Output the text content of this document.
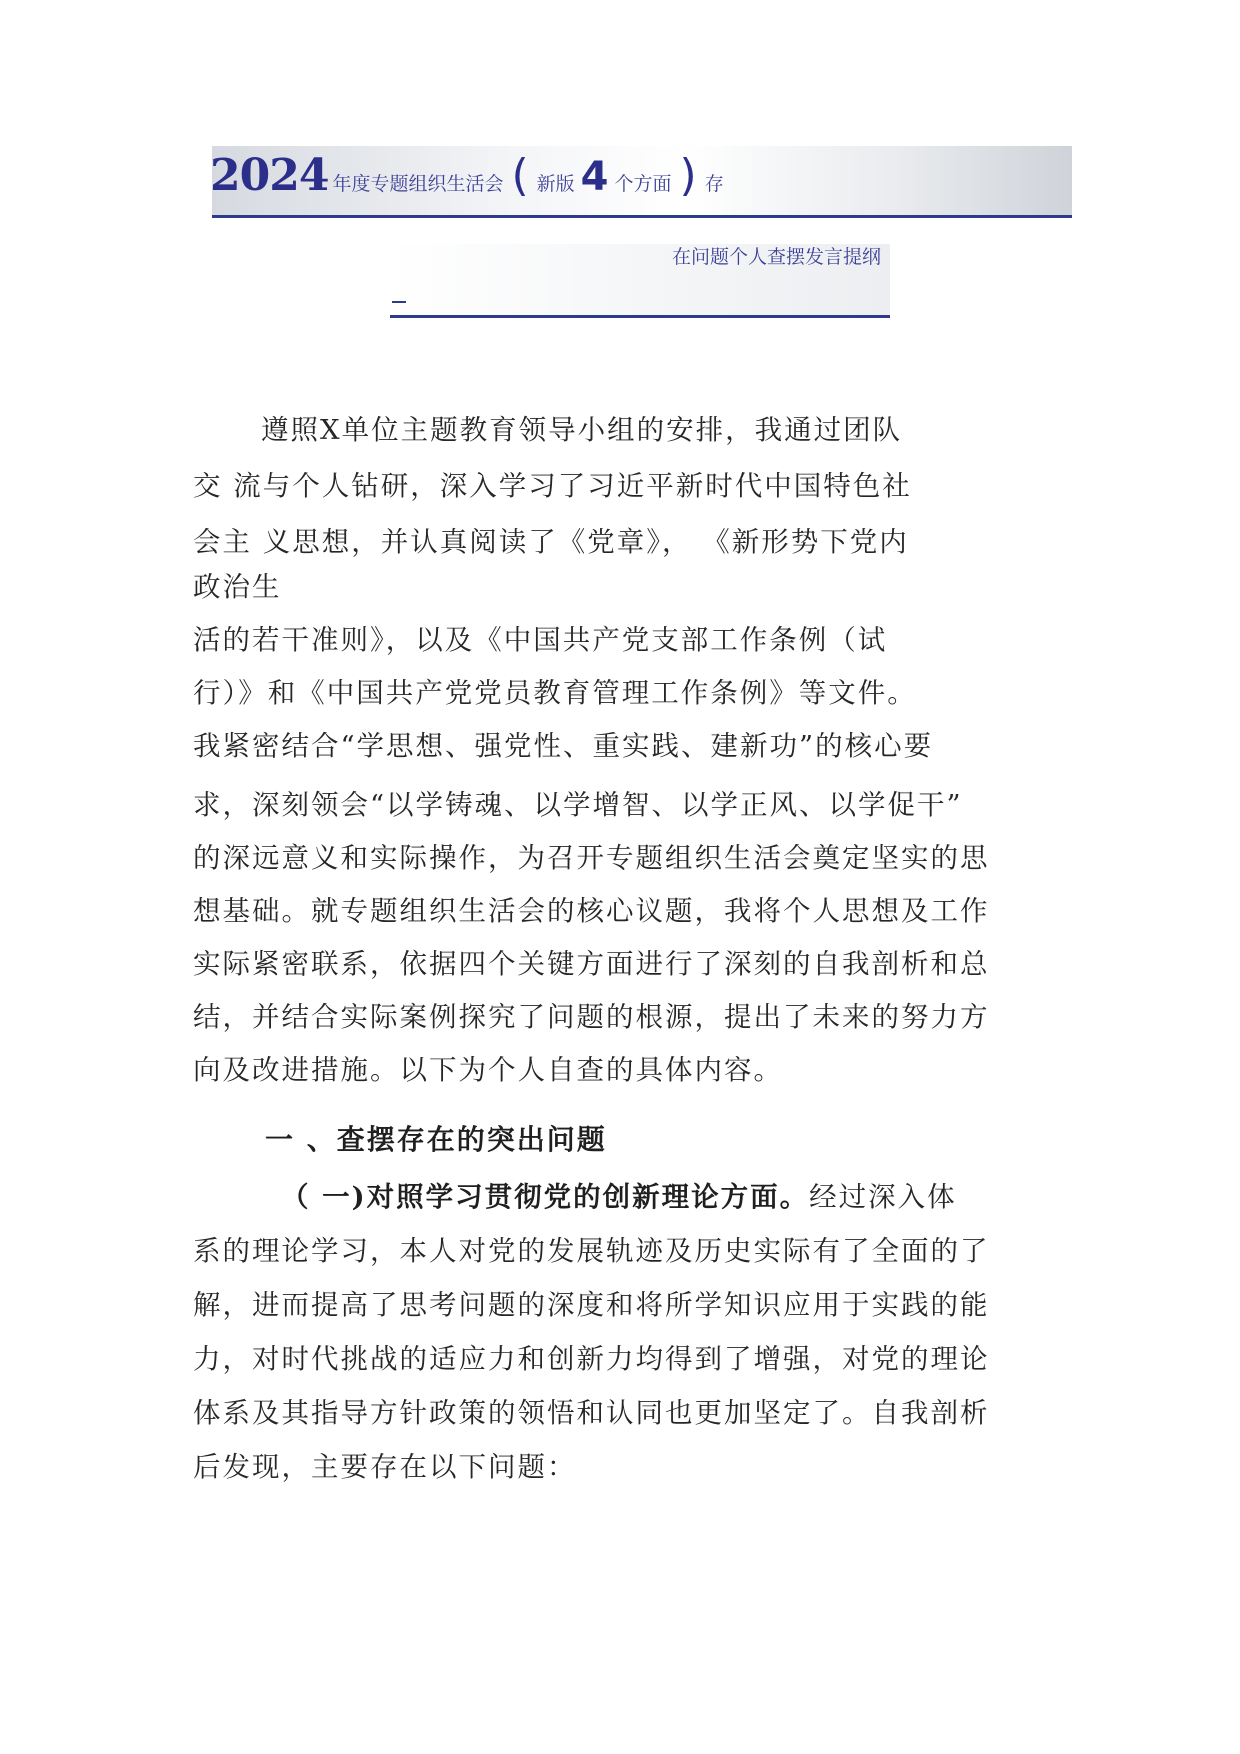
2024 年度专题组织生活会 ( 新版 4 个方面 ) 存
在问题个人查摆发言提纲
遵照X单位主题教育领导小组的安排，我通过团队
交 流与个人钻研，深入学习了习近平新时代中国特色社
会主 义思想，并认真阅读了《党章》， 《新形势下党内
政治生
活的若干准则》，以及《中国共产党支部工作条例（试
行）》和《中国共产党党员教育管理工作条例》等文件。
我紧密结合“学思想、强党性、重实践、建新功”的核心要
求，深刻领会“以学铸魂、以学增智、以学正风、以学促干”
的深远意义和实际操作，为召开专题组织生活会奠定坚实的思
想基础。就专题组织生活会的核心议题，我将个人思想及工作
实际紧密联系，依据四个关键方面进行了深刻的自我剖析和总
结，并结合实际案例探究了问题的根源，提出了未来的努力方
向及改进措施。以下为个人自查的具体内容。
一 、查摆存在的突出问题
（ 一)对照学习贯彻党的创新理论方面。经过深入体
系的理论学习，本人对党的发展轨迹及历史实际有了全面的了
解，进而提高了思考问题的深度和将所学知识应用于实践的能
力，对时代挑战的适应力和创新力均得到了增强，对党的理论
体系及其指导方针政策的领悟和认同也更加坚定了。自我剖析
后发现，主要存在以下问题：
